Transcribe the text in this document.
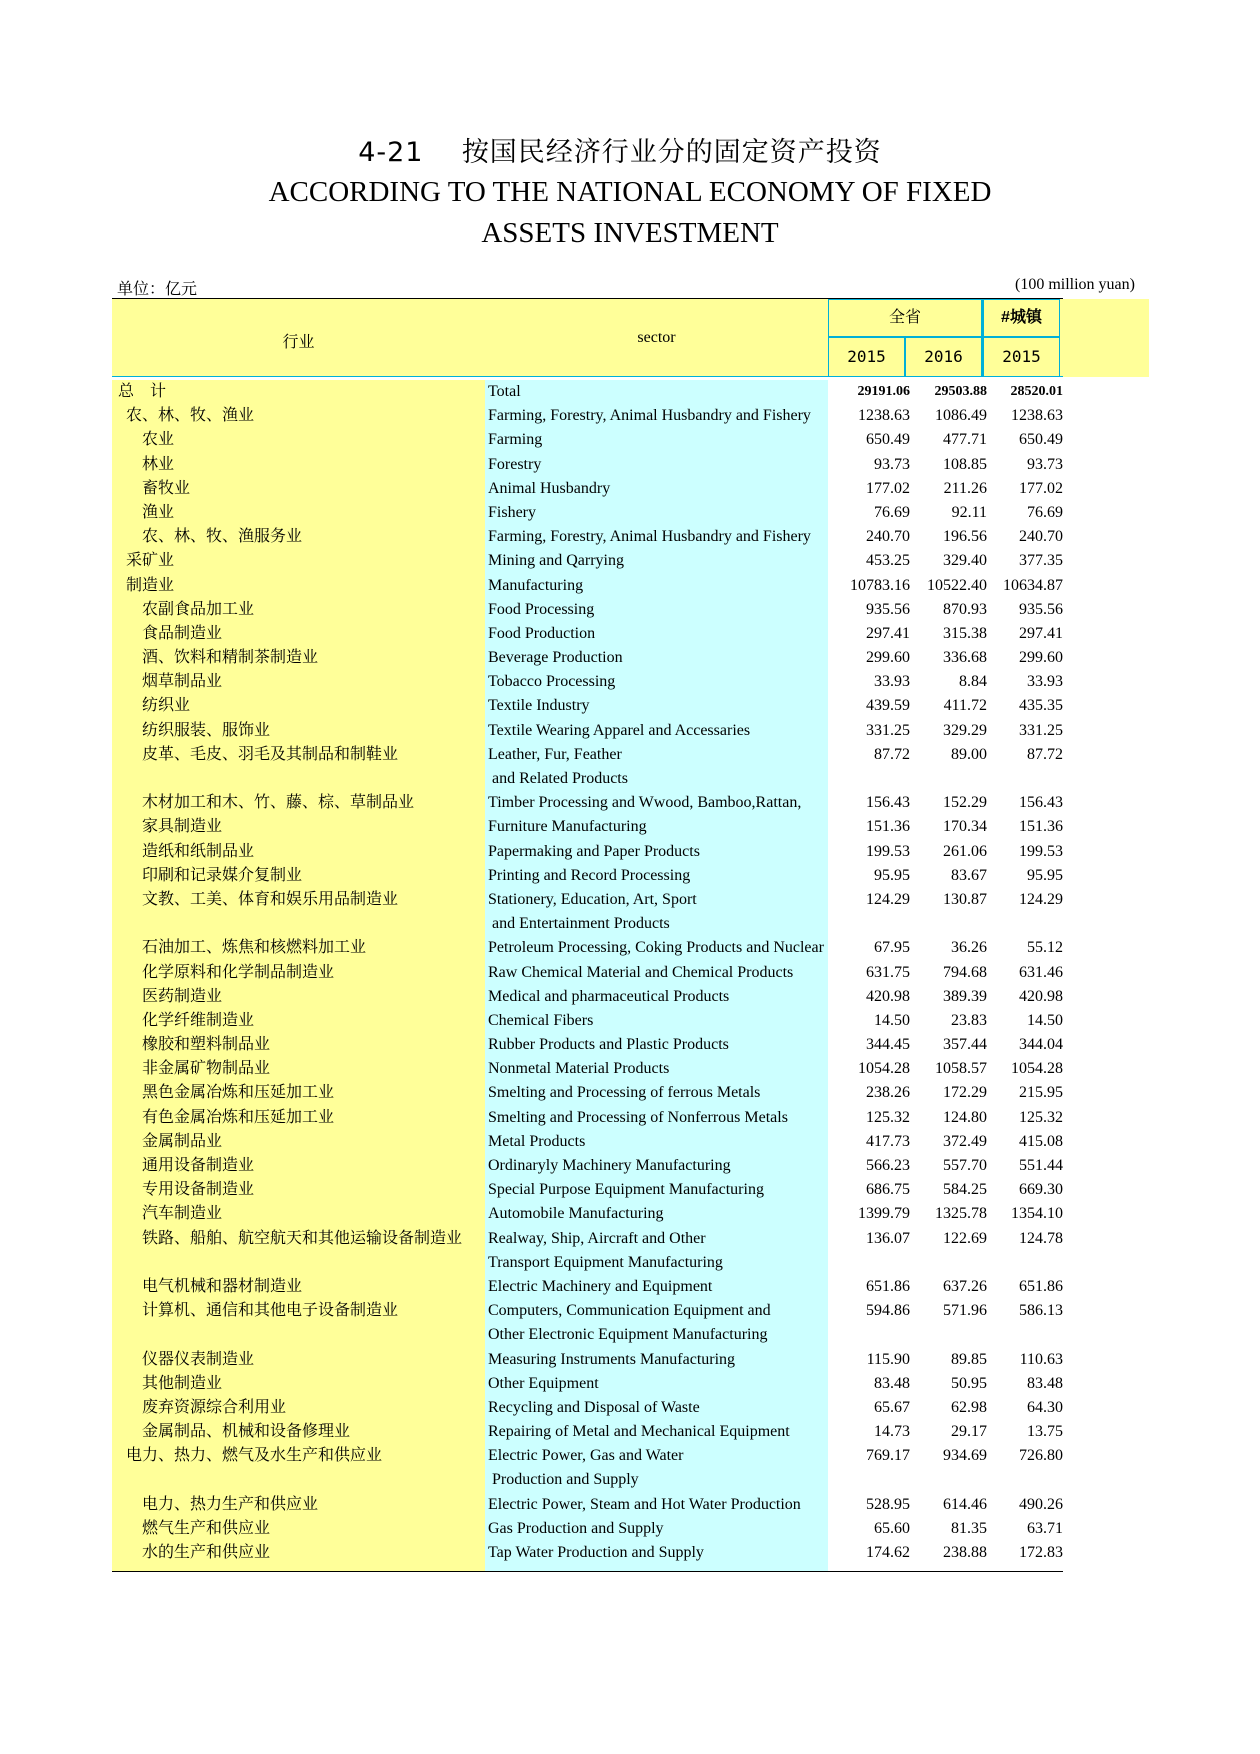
4-21 按国民经济行业分的固定资产投资
ACCORDING TO THE NATIONAL ECONOMY OF FIXED
ASSETS INVESTMENT
单位：亿元	(100 million yuan)
行业	sector
全省	#城镇
2015	2016	2015
总　计	Total	29191.06	29503.88	28520.01
农、林、牧、渔业	Farming, Forestry, Animal Husbandry and Fishery	1238.63	1086.49	1238.63
农业	Farming	650.49	477.71	650.49
林业	Forestry	93.73	108.85	93.73
畜牧业	Animal Husbandry	177.02	211.26	177.02
渔业	Fishery	76.69	92.11	76.69
农、林、牧、渔服务业	Farming, Forestry, Animal Husbandry and Fishery	240.70	196.56	240.70
采矿业	Mining and Qarrying	453.25	329.40	377.35
制造业	Manufacturing	10783.16	10522.40	10634.87
农副食品加工业	Food Processing	935.56	870.93	935.56
食品制造业	Food Production	297.41	315.38	297.41
酒、饮料和精制茶制造业	Beverage Production	299.60	336.68	299.60
烟草制品业	Tobacco Processing	33.93	8.84	33.93
纺织业	Textile Industry	439.59	411.72	435.35
纺织服装、服饰业	Textile Wearing Apparel and Accessaries	331.25	329.29	331.25
皮革、毛皮、羽毛及其制品和制鞋业	Leather, Fur, Feather	87.72	89.00	87.72
and Related Products
木材加工和木、竹、藤、棕、草制品业	Timber Processing and Wwood, Bamboo,Rattan,	156.43	152.29	156.43
家具制造业	Furniture Manufacturing	151.36	170.34	151.36
造纸和纸制品业	Papermaking and Paper Products	199.53	261.06	199.53
印刷和记录媒介复制业	Printing and Record Processing	95.95	83.67	95.95
文教、工美、体育和娱乐用品制造业	Stationery, Education, Art, Sport	124.29	130.87	124.29
and Entertainment Products
石油加工、炼焦和核燃料加工业	Petroleum Processing, Coking Products and Nuclear	67.95	36.26	55.12
化学原料和化学制品制造业	Raw Chemical Material and Chemical Products	631.75	794.68	631.46
医药制造业	Medical and pharmaceutical Products	420.98	389.39	420.98
化学纤维制造业	Chemical Fibers	14.50	23.83	14.50
橡胶和塑料制品业	Rubber Products and Plastic Products	344.45	357.44	344.04
非金属矿物制品业	Nonmetal Material Products	1054.28	1058.57	1054.28
黑色金属冶炼和压延加工业	Smelting and Processing of ferrous Metals	238.26	172.29	215.95
有色金属冶炼和压延加工业	Smelting and Processing of Nonferrous Metals	125.32	124.80	125.32
金属制品业	Metal Products	417.73	372.49	415.08
通用设备制造业	Ordinaryly Machinery Manufacturing	566.23	557.70	551.44
专用设备制造业	Special Purpose Equipment Manufacturing	686.75	584.25	669.30
汽车制造业	Automobile Manufacturing	1399.79	1325.78	1354.10
铁路、船舶、航空航天和其他运输设备制造业 Realway, Ship, Aircraft and Other	136.07	122.69	124.78
Transport Equipment Manufacturing
电气机械和器材制造业	Electric Machinery and Equipment	651.86	637.26	651.86
计算机、通信和其他电子设备制造业	Computers, Communication Equipment and	594.86	571.96	586.13
Other Electronic Equipment Manufacturing
仪器仪表制造业	Measuring Instruments Manufacturing	115.90	89.85	110.63
其他制造业	Other Equipment	83.48	50.95	83.48
废弃资源综合利用业	Recycling and Disposal of Waste	65.67	62.98	64.30
金属制品、机械和设备修理业	Repairing of Metal and Mechanical Equipment	14.73	29.17	13.75
电力、热力、燃气及水生产和供应业	Electric Power, Gas and Water	769.17	934.69	726.80
Production and Supply
电力、热力生产和供应业	Electric Power, Steam and Hot Water Production	528.95	614.46	490.26
燃气生产和供应业	Gas Production and Supply	65.60	81.35	63.71
水的生产和供应业	Tap Water Production and Supply	174.62	238.88	172.83
